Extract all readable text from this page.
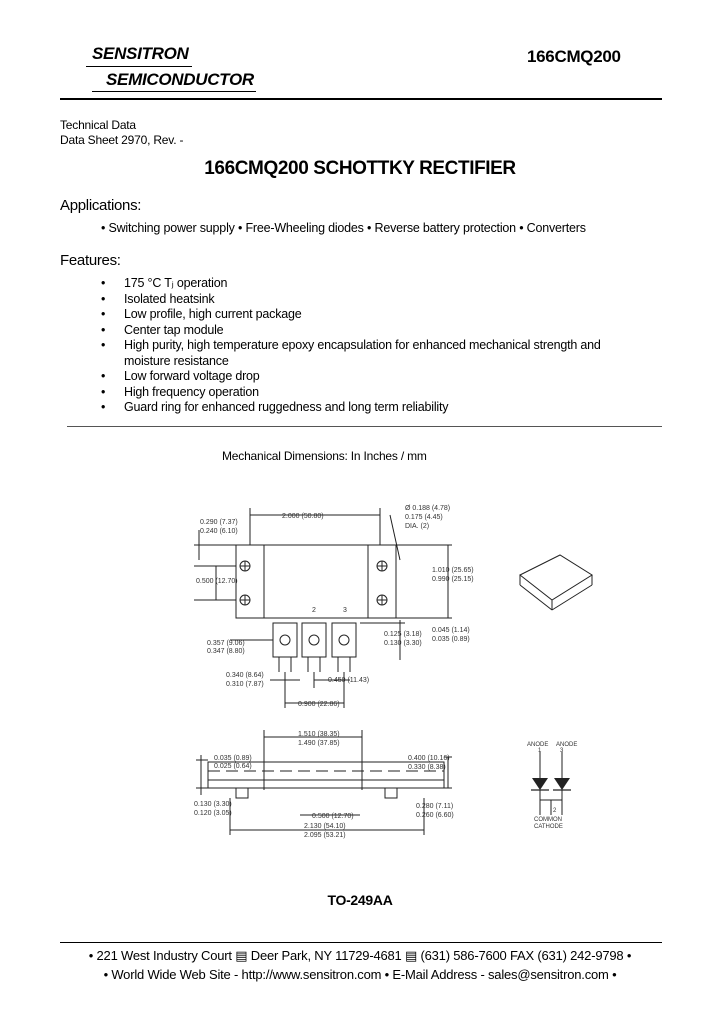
SENSITRON
SEMICONDUCTOR
166CMQ200
Technical Data
Data Sheet 2970, Rev. -
166CMQ200 SCHOTTKY RECTIFIER
Applications:
• Switching power supply • Free-Wheeling diodes • Reverse battery protection • Converters
Features:
• 175 °C Tⱼ operation
• Isolated heatsink
• Low profile, high current package
• Center tap module
• High purity, high temperature epoxy encapsulation for enhanced mechanical strength and moisture resistance
• Low forward voltage drop
• High frequency operation
• Guard ring for enhanced ruggedness and long term reliability
Mechanical Dimensions: In Inches / mm
2.000 (50.80)
Ø 0.188 (4.78)
0.175 (4.45)
DIA. (2)
0.290 (7.37)
0.240 (6.10)
0.500 (12.70)
1.010 (25.65)
0.990 (25.15)
0.045 (1.14)
0.035 (0.89)
0.125 (3.18)
0.130 (3.30)
0.357 (9.06)
0.347 (8.80)
0.340 (8.64)
0.310 (7.87)
0.450 (11.43)
0.900 (22.86)
2	3
1.510 (38.35)
1.490 (37.85)
0.035 (0.89)
0.025 (0.64)
0.400 (10.16)
0.330 (8.38)
0.130 (3.30)
0.120 (3.05)	0.500 (12.70)
0.280 (7.11)
0.260 (6.60)
2.130 (54.10)
2.095 (53.21)
ANODE
1
ANODE
3
2
COMMON
CATHODE
TO-249AA
• 221 West Industry Court ▤ Deer Park, NY 11729-4681 ▤ (631) 586-7600 FAX (631) 242-9798 •
• World Wide Web Site - http://www.sensitron.com • E-Mail Address - sales@sensitron.com •
